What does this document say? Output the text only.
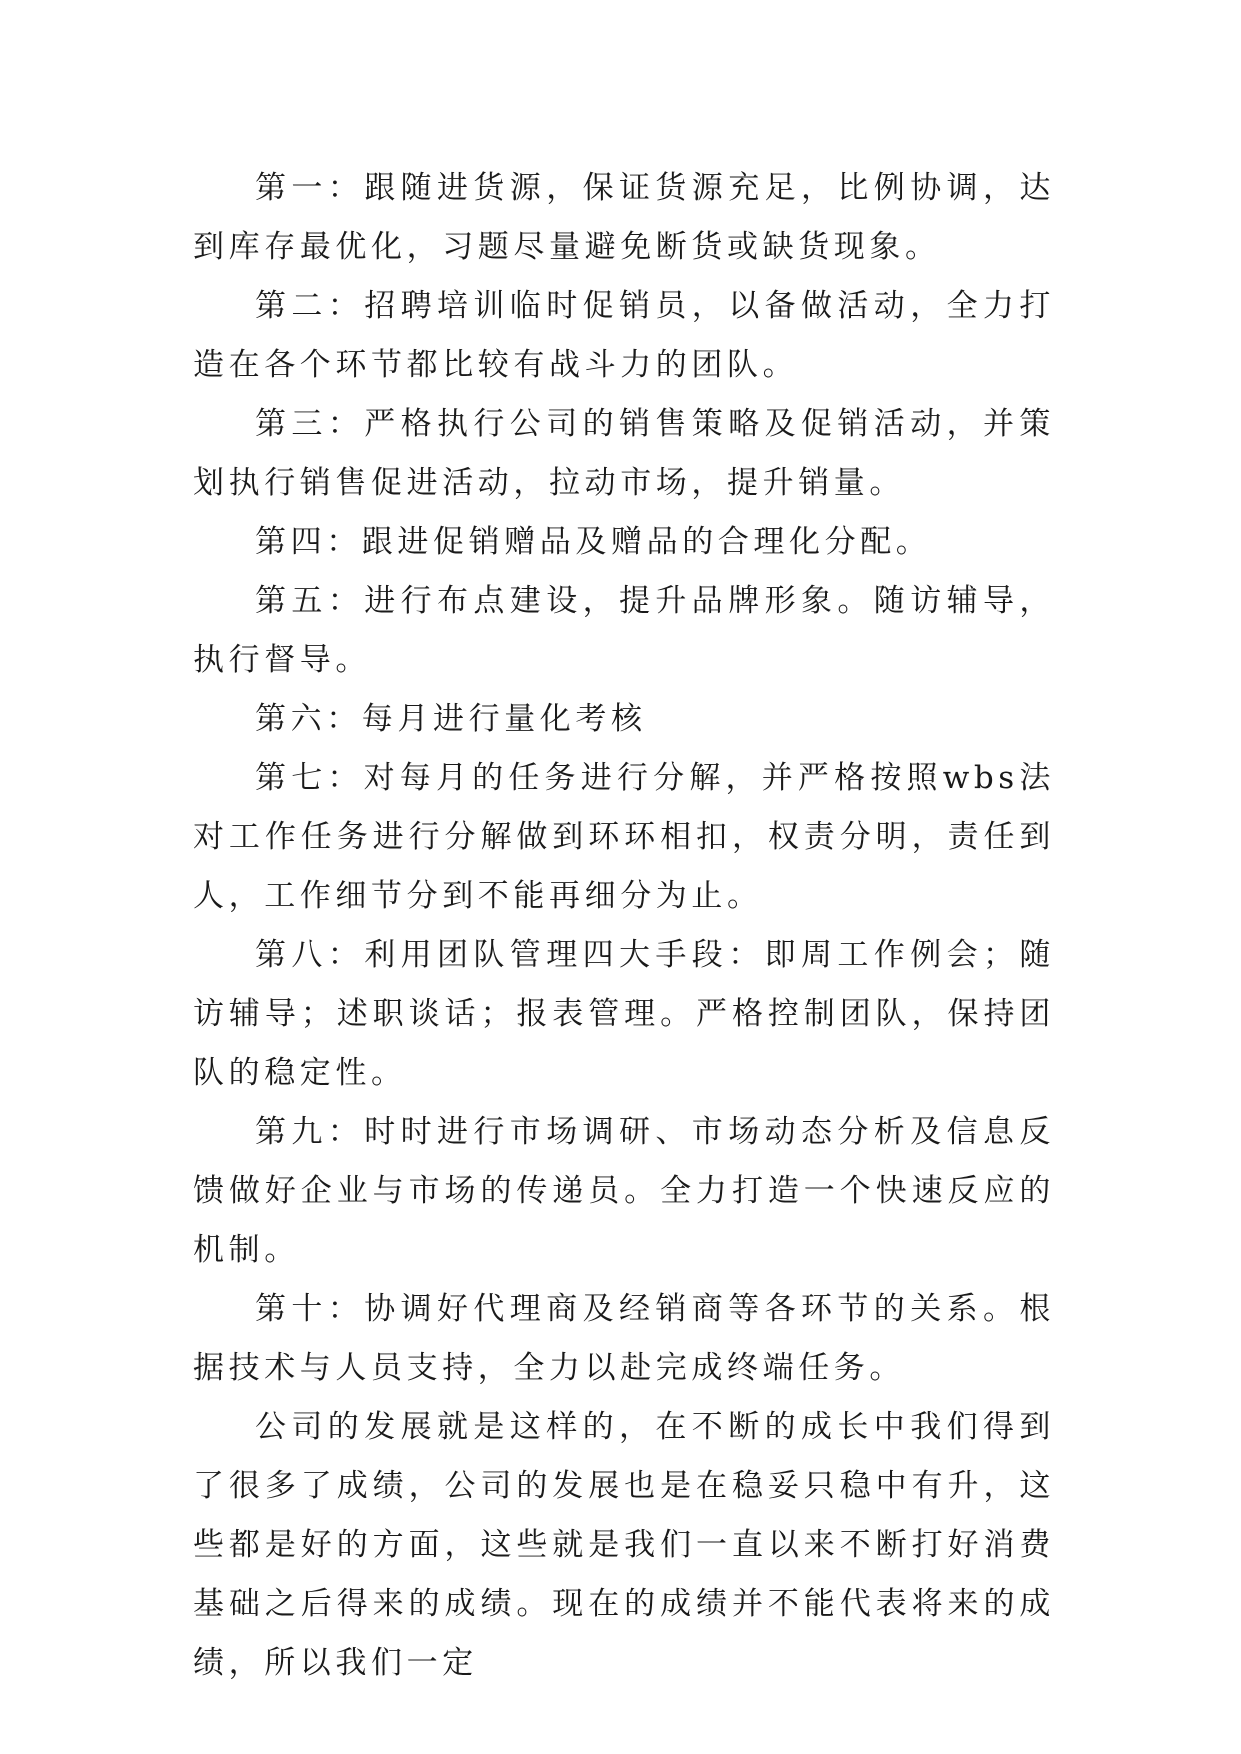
第一：跟随进货源，保证货源充足，比例协调，达到库存最优化，习题尽量避免断货或缺货现象。

第二：招聘培训临时促销员，以备做活动，全力打造在各个环节都比较有战斗力的团队。

第三：严格执行公司的销售策略及促销活动，并策划执行销售促进活动，拉动市场，提升销量。

第四：跟进促销赠品及赠品的合理化分配。

第五：进行布点建设，提升品牌形象。随访辅导，执行督导。

第六：每月进行量化考核

第七：对每月的任务进行分解，并严格按照wbs法对工作任务进行分解做到环环相扣，权责分明，责任到人，工作细节分到不能再细分为止。

第八：利用团队管理四大手段：即周工作例会；随访辅导；述职谈话；报表管理。严格控制团队，保持团队的稳定性。

第九：时时进行市场调研、市场动态分析及信息反馈做好企业与市场的传递员。全力打造一个快速反应的机制。

第十：协调好代理商及经销商等各环节的关系。根据技术与人员支持，全力以赴完成终端任务。

公司的发展就是这样的，在不断的成长中我们得到了很多了成绩，公司的发展也是在稳妥只稳中有升，这些都是好的方面，这些就是我们一直以来不断打好消费基础之后得来的成绩。现在的成绩并不能代表将来的成绩，所以我们一定
